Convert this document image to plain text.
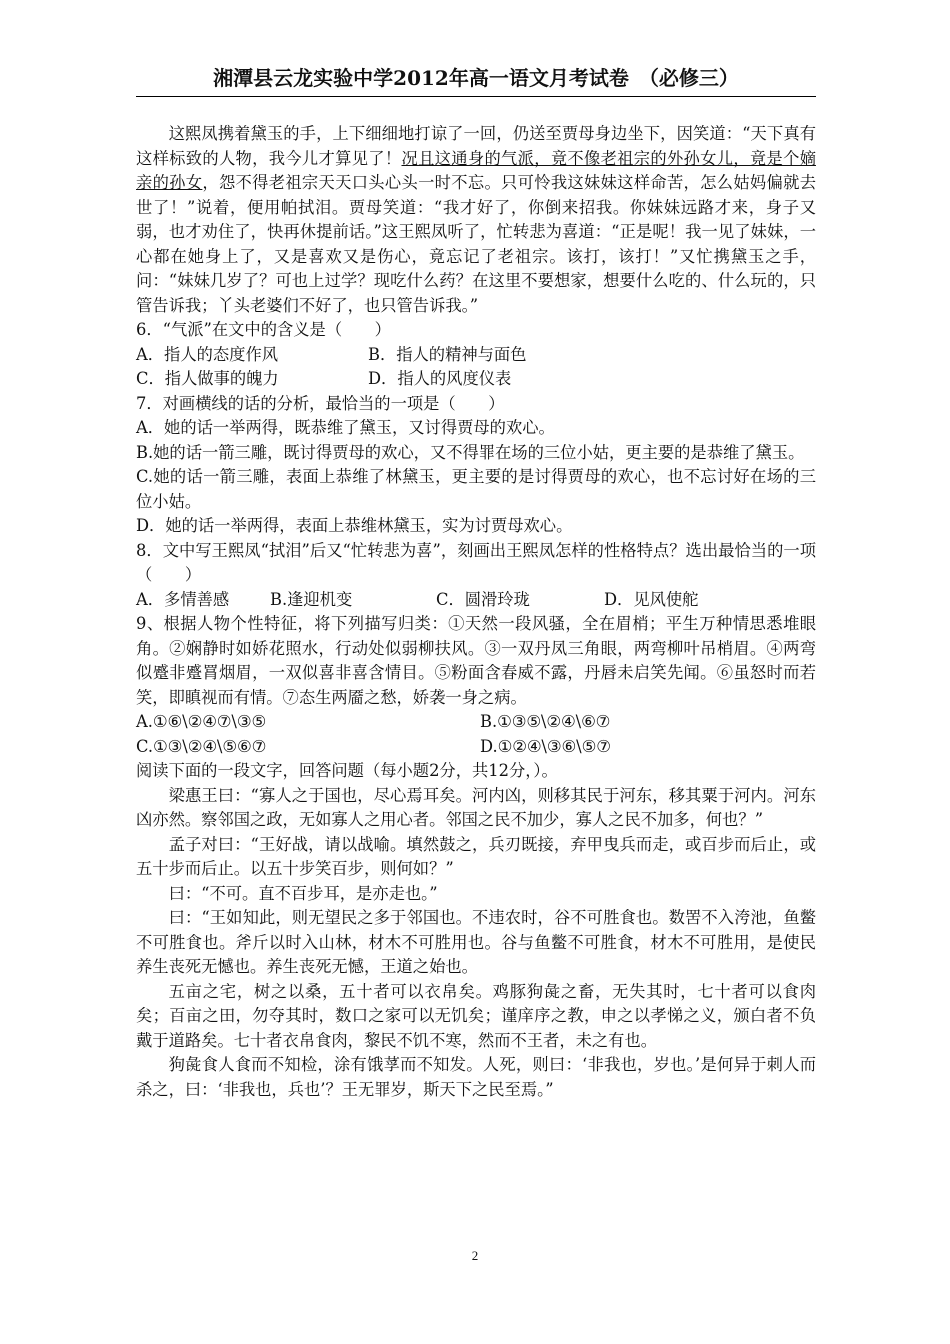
湘潭县云龙实验中学2012年高一语文月考试卷　（必修三）

这熙凤携着黛玉的手，上下细细地打谅了一回，仍送至贾母身边坐下，因笑道：“天下真有这样标致的人物，我今儿才算见了！况且这通身的气派，竟不像老祖宗的外孙女儿，竟是个嫡亲的孙女，怨不得老祖宗天天口头心头一时不忘。只可怜我这妹妹这样命苦，怎么姑妈偏就去世了！”说着，便用帕拭泪。贾母笑道：“我才好了，你倒来招我。你妹妹远路才来，身子又弱，也才劝住了，快再休提前话。”这王熙凤听了，忙转悲为喜道：“正是呢！我一见了妹妹，一心都在她身上了，又是喜欢又是伤心，竟忘记了老祖宗。该打，该打！”又忙携黛玉之手，问：“妹妹几岁了？可也上过学？现吃什么药？在这里不要想家，想要什么吃的、什么玩的，只管告诉我；丫头老婆们不好了，也只管告诉我。”

6．“气派”在文中的含义是（　　）

A．指人的态度作风	B．指人的精神与面色
C．指人做事的魄力	D．指人的风度仪表

7．对画横线的话的分析，最恰当的一项是（　　）

A．她的话一举两得，既恭维了黛玉，又讨得贾母的欢心。

B.她的话一箭三雕，既讨得贾母的欢心，又不得罪在场的三位小姑，更主要的是恭维了黛玉。

C.她的话一箭三雕，表面上恭维了林黛玉，更主要的是讨得贾母的欢心，也不忘讨好在场的三位小姑。

D．她的话一举两得，表面上恭维林黛玉，实为讨贾母欢心。

8．文中写王熙凤“拭泪”后又“忙转悲为喜”，刻画出王熙凤怎样的性格特点？选出最恰当的一项（　　）

A．多情善感	B.逢迎机变	C．圆滑玲珑	D．见风使舵

9、根据人物个性特征，将下列描写归类：①天然一段风骚，全在眉梢；平生万种情思悉堆眼角。②娴静时如娇花照水，行动处似弱柳扶风。③一双丹凤三角眼，两弯柳叶吊梢眉。④两弯似蹙非蹙罥烟眉，一双似喜非喜含情目。⑤粉面含春威不露，丹唇未启笑先闻。⑥虽怒时而若笑，即瞋视而有情。⑦态生两靥之愁，娇袭一身之病。

A.①⑥\②④⑦\③⑤	B.①③⑤\②④\⑥⑦
C.①③\②④\⑤⑥⑦	D.①②④\③⑥\⑤⑦

阅读下面的一段文字，回答问题（每小题2分，共12分，）。

梁惠王曰：“寡人之于国也，尽心焉耳矣。河内凶，则移其民于河东，移其粟于河内。河东凶亦然。察邻国之政，无如寡人之用心者。邻国之民不加少，寡人之民不加多，何也？”

孟子对曰：“王好战，请以战喻。填然鼓之，兵刃既接，弃甲曳兵而走，或百步而后止，或五十步而后止。以五十步笑百步，则何如？”

曰：“不可。直不百步耳，是亦走也。”

曰：“王如知此，则无望民之多于邻国也。不违农时，谷不可胜食也。数罟不入洿池，鱼鳖不可胜食也。斧斤以时入山林，材木不可胜用也。谷与鱼鳖不可胜食，材木不可胜用，是使民养生丧死无憾也。养生丧死无憾，王道之始也。

五亩之宅，树之以桑，五十者可以衣帛矣。鸡豚狗彘之畜，无失其时，七十者可以食肉矣；百亩之田，勿夺其时，数口之家可以无饥矣；谨庠序之教，申之以孝悌之义，颁白者不负戴于道路矣。七十者衣帛食肉，黎民不饥不寒，然而不王者，未之有也。

狗彘食人食而不知检，涂有饿莩而不知发。人死，则曰：‘非我也，岁也。’是何异于刺人而杀之，曰：‘非我也，兵也’？王无罪岁，斯天下之民至焉。”

2
